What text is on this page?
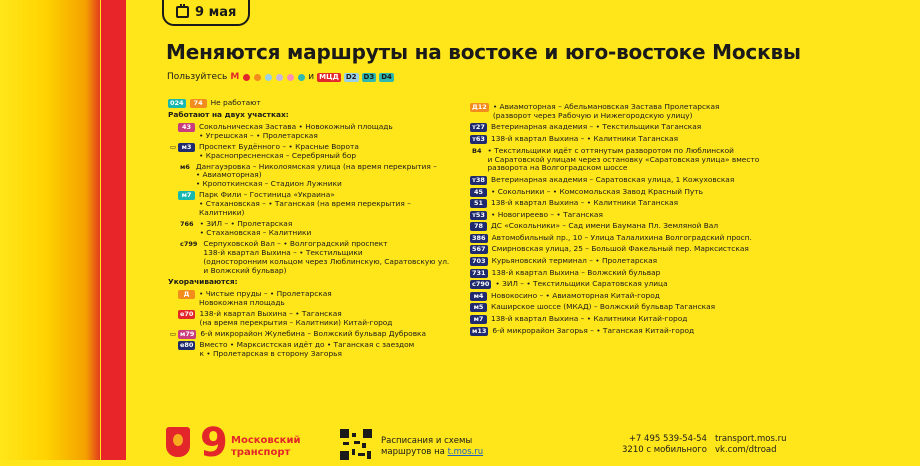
9 мая
Меняются маршруты на востоке и юго-востоке Москвы
Пользуйтесь М	и МЦД D2 D3 D4
024	74	Не работают
Работают на двух участках:
43	Сокольническая Застава • Новокожный площадь
• Угрешская – • Пролетарская
▭ м3	Проспект Будённого – • Красные Ворота
• Краснопресненская – Серебряный бор
м6 Дангауэровка – Николоямская улица (на время перекрытия –
• Авиамоторная)
• Кропоткинская – Стадион Лужники
м7	Парк Фили – Гостиница «Украина»
• Стахановская – • Таганская (на время перекрытия –
Калитники)
766 • ЗИЛ – • Пролетарская
• Стахановская – Калитники
с799 Серпуховской Вал – • Волгоградский проспект
138-й квартал Выхина – • Текстильщики
(односторонним кольцом через Люблинскую, Саратовскую ул.
и Волжский бульвар)
Укорачиваются:
Д	• Чистые пруды – • Пролетарская
Новокожная площадь
е70 138-й квартал Выхина – • Таганская
(на время перекрытия – Калитники) Китай-город
▭ м79 6-й микрорайон Жулебина – Волжский бульвар Дубровка
е80 Вместо • Марксистская идёт до • Таганская с заездом
к • Пролетарская в сторону Загорья
Д12 • Авиамоторная – Абельмановская Застава Пролетарская
(разворот через Рабочую и Нижегородскую улицу)
т27 Ветеринарная академия – • Текстильщики Таганская
т63 138-й квартал Выхина – • Калитники Таганская
В4 • Текстильщики идёт с оттянутым разворотом по Люблинской
и Саратовской улицам через остановку «Саратовская улица» вместо
разворота на Волгоградском шоссе
т38 Ветеринарная академия – Саратовская улица, 1 Кожуховская
45	• Сокольники – • Комсомольская Завод Красный Путь
51	138-й квартал Выхина – • Калитники Таганская
т53 • Новогиреево – • Таганская
78	ДС «Сокольники» – Сад имени Баумана Пл. Земляной Вал
386 Автомобильный пр., 10 – Улица Талалихина Волгоградский просп.
567 Смирновская улица, 25 – Большой Факельный пер. Марксистская
703 Курьяновский терминал – • Пролетарская
731 138-й квартал Выхина – Волжский бульвар
с790 • ЗИЛ – • Текстильщики Саратовская улица
м4	Новокосино – • Авиамоторная Китай-город
м5	Каширское шоссе (МКАД) – Волжский бульвар Таганская
м7	138-й квартал Выхина – • Калитники Китай-город
м13 6-й микрорайон Загорья – • Таганская Китай-город
9 Московский
транспорт
Расписания и схемы
маршрутов на t.mos.ru
+7 495 539-54-54
3210 с мобильного
transport.mos.ru
vk.com/dtroad
